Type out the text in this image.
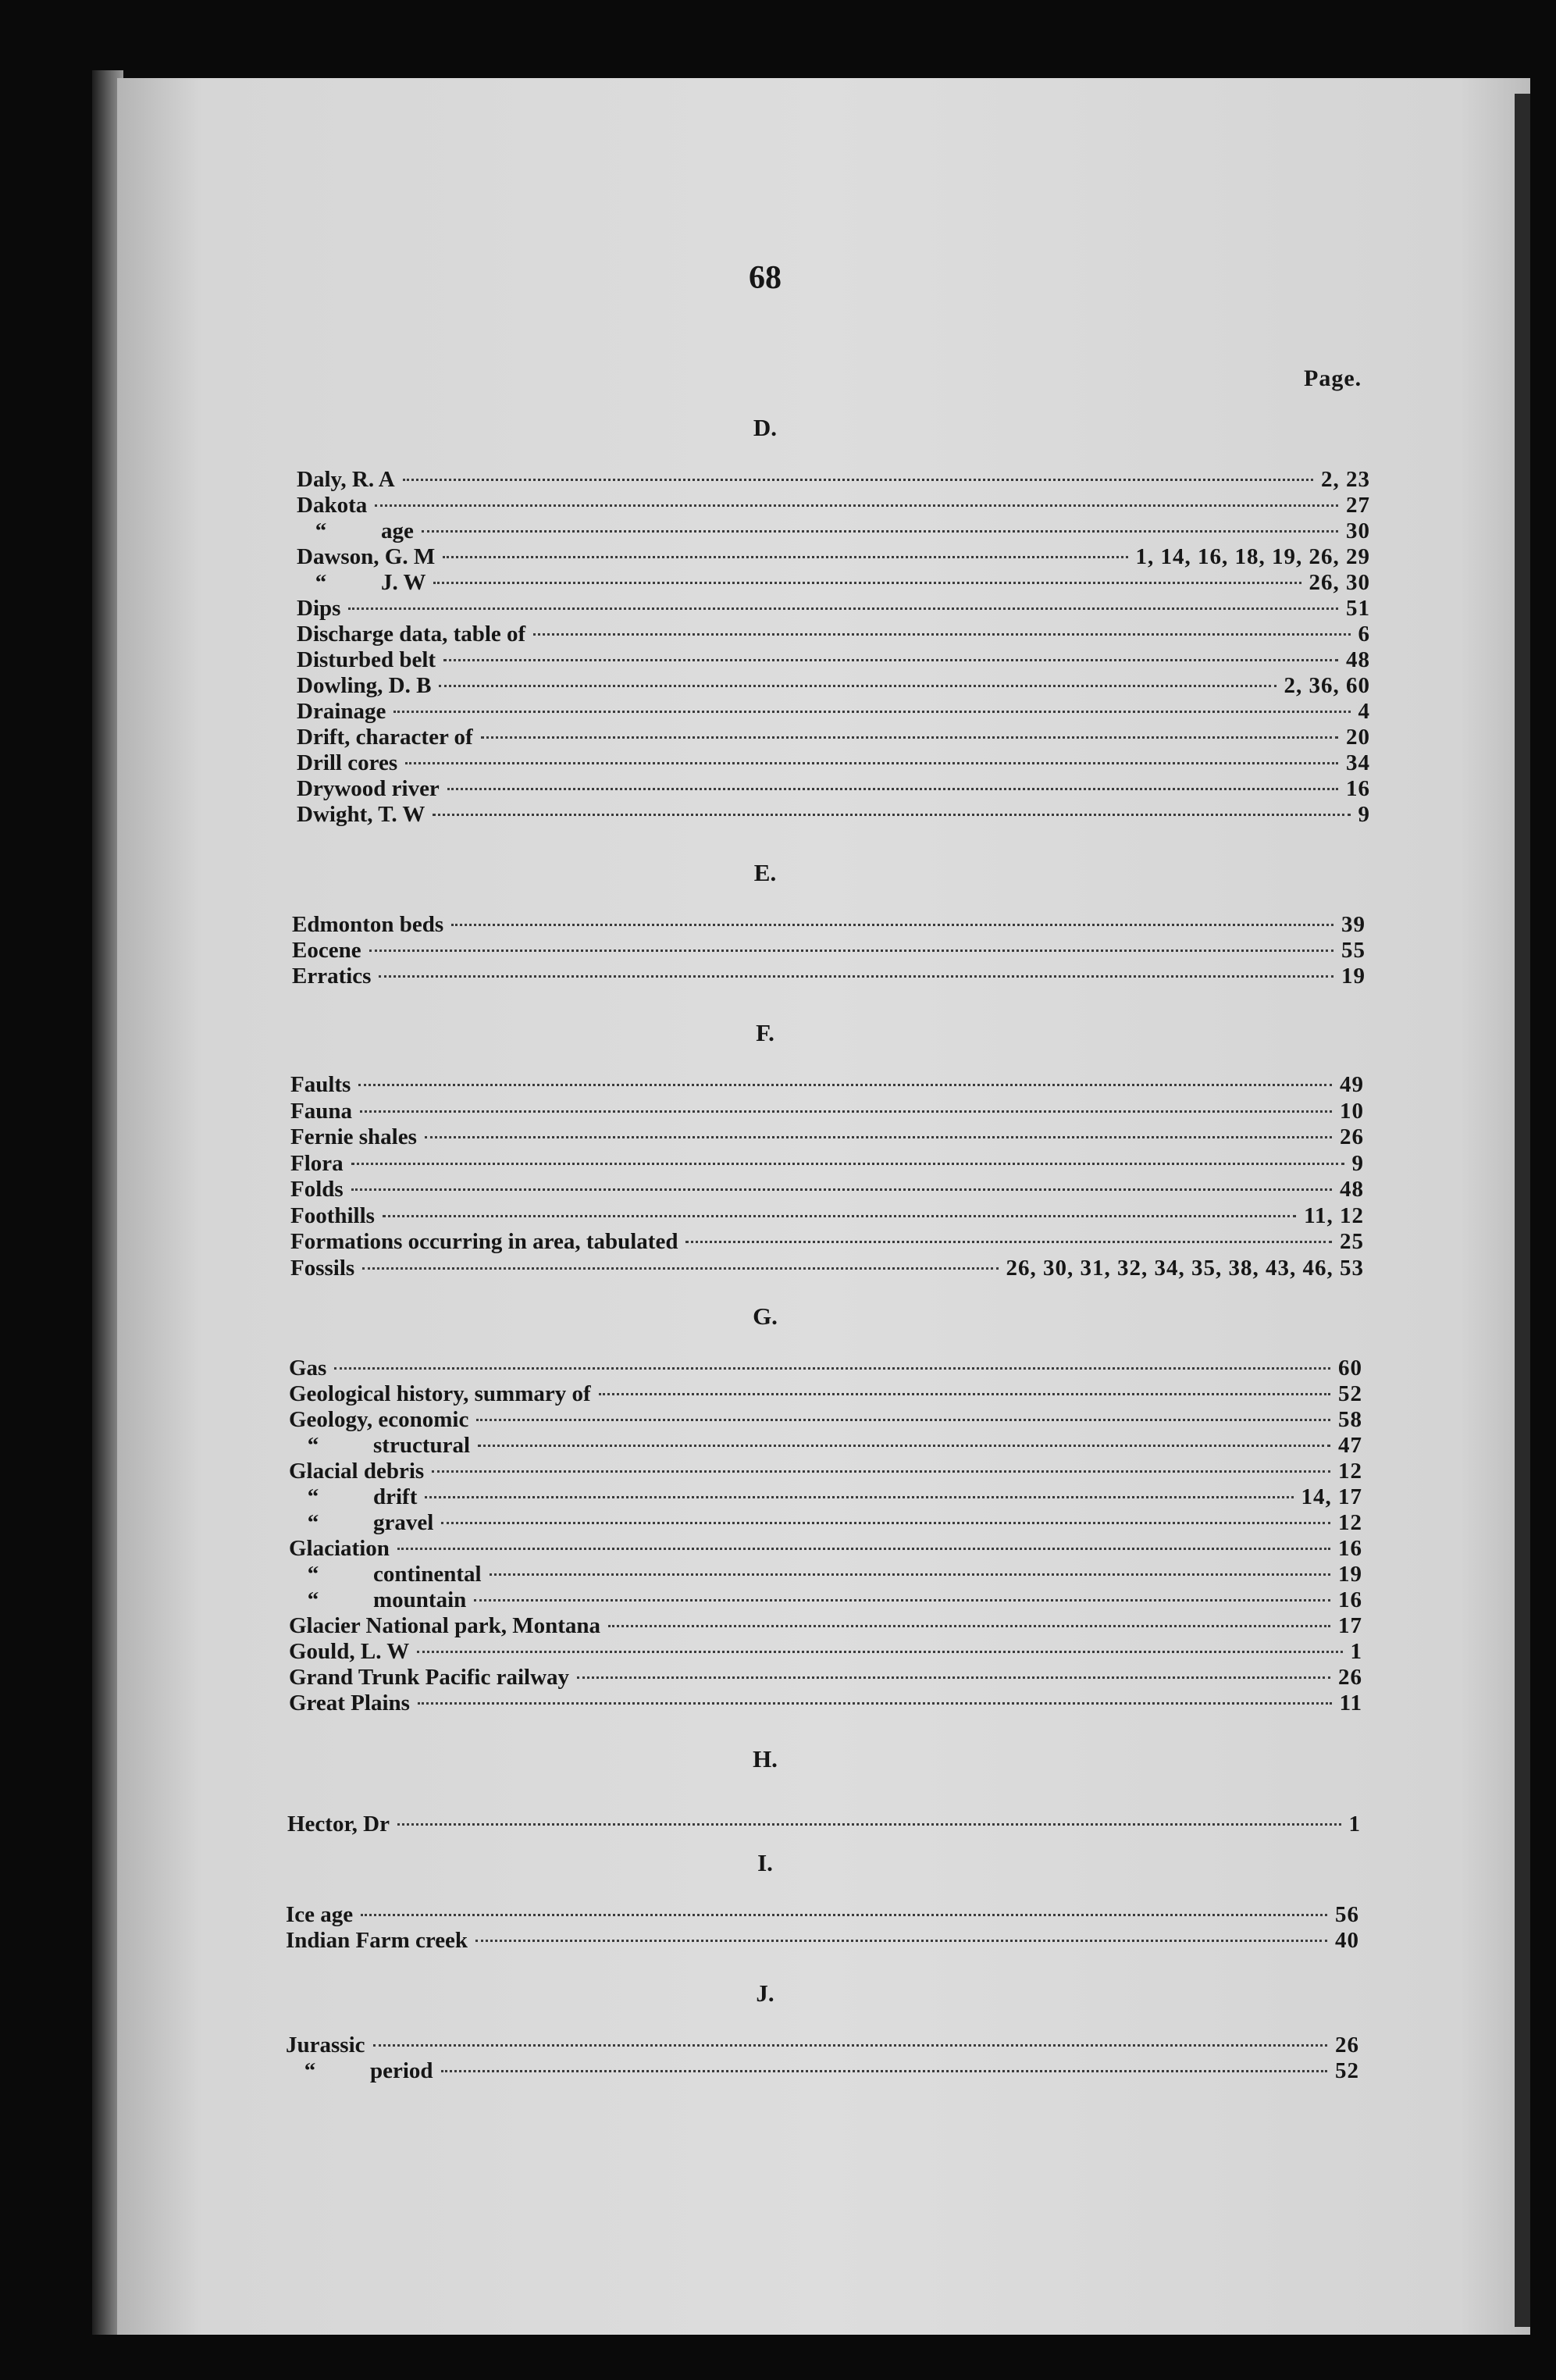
68
Page.
D.
Daly, R. A	2, 23
Dakota	27
“ age	30
Dawson, G. M	1, 14, 16, 18, 19, 26, 29
“ J. W	26, 30
Dips	51
Discharge data, table of	6
Disturbed belt	48
Dowling, D. B	2, 36, 60
Drainage	4
Drift, character of	20
Drill cores	34
Drywood river	16
Dwight, T. W	9
E.
Edmonton beds	39
Eocene	55
Erratics	19
F.
Faults	49
Fauna	10
Fernie shales	26
Flora	9
Folds	48
Foothills	11, 12
Formations occurring in area, tabulated	25
Fossils	26, 30, 31, 32, 34, 35, 38, 43, 46, 53
G.
Gas	60
Geological history, summary of	52
Geology, economic	58
“ structural	47
Glacial debris	12
“ drift	14, 17
“ gravel	12
Glaciation	16
“ continental	19
“ mountain	16
Glacier National park, Montana	17
Gould, L. W	1
Grand Trunk Pacific railway	26
Great Plains	11
H.
Hector, Dr	1
I.
Ice age	56
Indian Farm creek	40
J.
Jurassic	26
“ period	52
